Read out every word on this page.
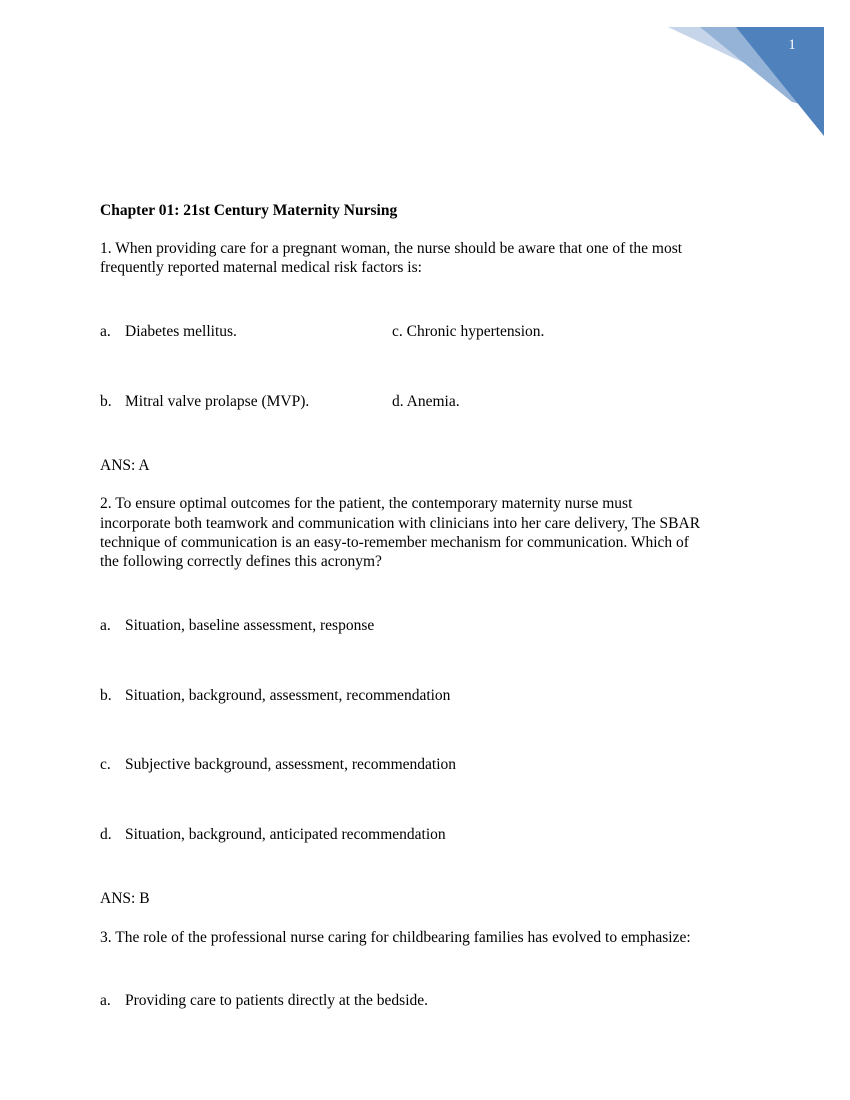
1
Chapter 01: 21st Century Maternity Nursing
1. When providing care for a pregnant woman, the nurse should be aware that one of the most
frequently reported maternal medical risk factors is:
a. Diabetes mellitus.	c. Chronic hypertension.
b. Mitral valve prolapse (MVP).	d. Anemia.
ANS: A
2. To ensure optimal outcomes for the patient, the contemporary maternity nurse must
incorporate both teamwork and communication with clinicians into her care delivery, The SBAR
technique of communication is an easy-to-remember mechanism for communication. Which of
the following correctly defines this acronym?
a. Situation, baseline assessment, response
b. Situation, background, assessment, recommendation
c. Subjective background, assessment, recommendation
d. Situation, background, anticipated recommendation
ANS: B
3. The role of the professional nurse caring for childbearing families has evolved to emphasize:
a. Providing care to patients directly at the bedside.
